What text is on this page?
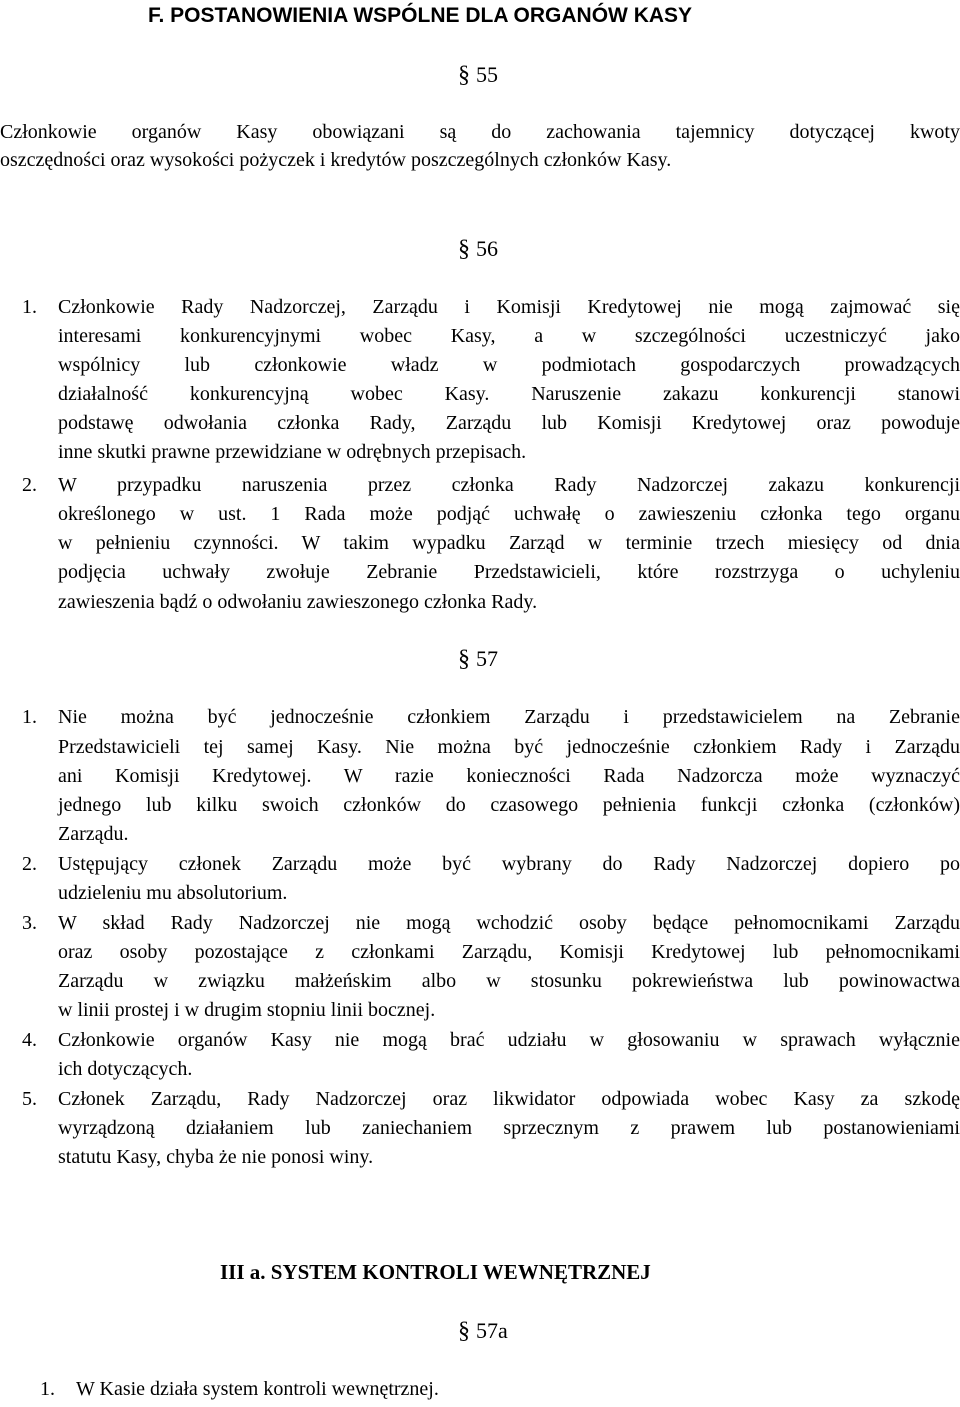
F. POSTANOWIENIA WSPÓLNE DLA ORGANÓW KASY
§ 55
Członkowie organów Kasy obowiązani są do zachowania tajemnicy dotyczącej kwoty
oszczędności oraz wysokości pożyczek i kredytów poszczególnych członków Kasy.
§ 56
1. Członkowie Rady Nadzorczej, Zarządu i Komisji Kredytowej nie mogą zajmować się
interesami konkurencyjnymi wobec Kasy, a w szczególności uczestniczyć jako
wspólnicy lub członkowie władz w podmiotach gospodarczych prowadzących
działalność konkurencyjną wobec Kasy. Naruszenie zakazu konkurencji stanowi
podstawę odwołania członka Rady, Zarządu lub Komisji Kredytowej oraz powoduje
inne skutki prawne przewidziane w odrębnych przepisach.
2. W przypadku naruszenia przez członka Rady Nadzorczej zakazu konkurencji
określonego w ust. 1 Rada może podjąć uchwałę o zawieszeniu członka tego organu
w pełnieniu czynności. W takim wypadku Zarząd w terminie trzech miesięcy od dnia
podjęcia uchwały zwołuje Zebranie Przedstawicieli, które rozstrzyga o uchyleniu
zawieszenia bądź o odwołaniu zawieszonego członka Rady.
§ 57
1. Nie można być jednocześnie członkiem Zarządu i przedstawicielem na Zebranie
Przedstawicieli tej samej Kasy. Nie można być jednocześnie członkiem Rady i Zarządu
ani Komisji Kredytowej. W razie konieczności Rada Nadzorcza może wyznaczyć
jednego lub kilku swoich członków do czasowego pełnienia funkcji członka (członków)
Zarządu.
2. Ustępujący członek Zarządu może być wybrany do Rady Nadzorczej dopiero po
udzieleniu mu absolutorium.
3. W skład Rady Nadzorczej nie mogą wchodzić osoby będące pełnomocnikami Zarządu
oraz osoby pozostające z członkami Zarządu, Komisji Kredytowej lub pełnomocnikami
Zarządu w związku małżeńskim albo w stosunku pokrewieństwa lub powinowactwa
w linii prostej i w drugim stopniu linii bocznej.
4. Członkowie organów Kasy nie mogą brać udziału w głosowaniu w sprawach wyłącznie
ich dotyczących.
5. Członek Zarządu, Rady Nadzorczej oraz likwidator odpowiada wobec Kasy za szkodę
wyrządzoną działaniem lub zaniechaniem sprzecznym z prawem lub postanowieniami
statutu Kasy, chyba że nie ponosi winy.
III a. SYSTEM KONTROLI WEWNĘTRZNEJ
§ 57a
1. W Kasie działa system kontroli wewnętrznej.
